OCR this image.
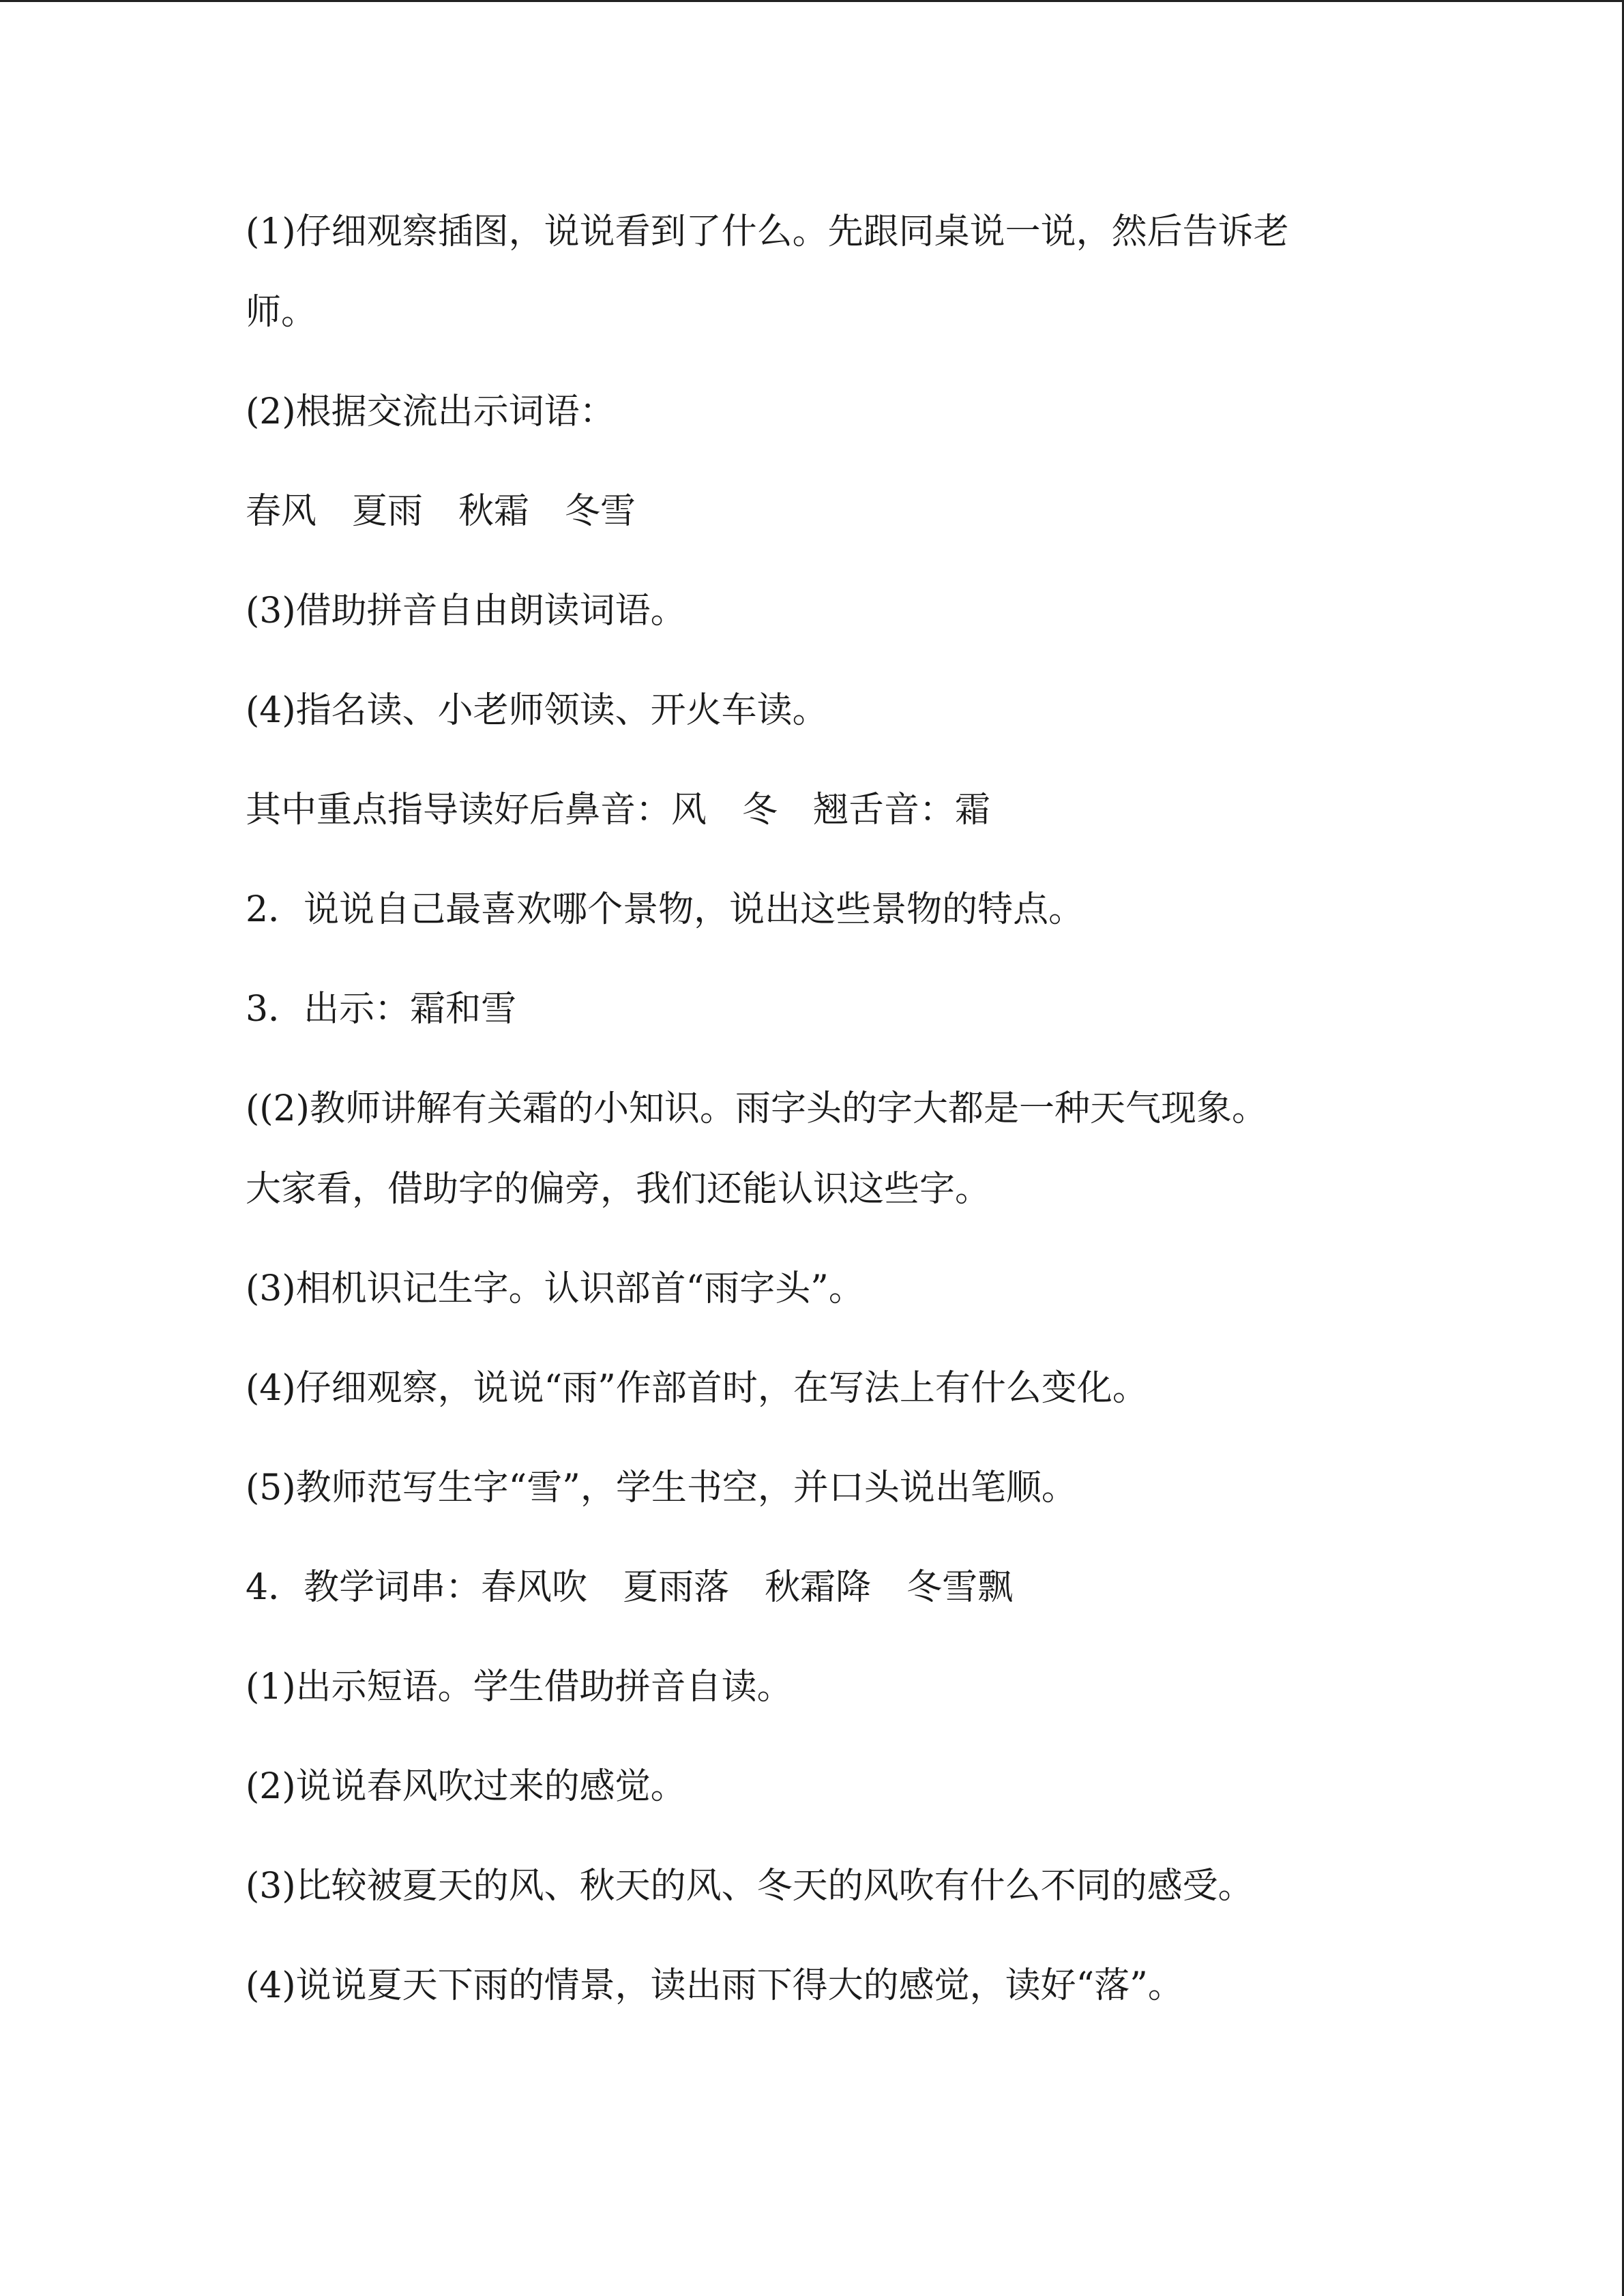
(1)仔细观察插图，说说看到了什么。先跟同桌说一说，然后告诉老
师。
(2)根据交流出示词语：
春风　夏雨　秋霜　冬雪
(3)借助拼音自由朗读词语。
(4)指名读、小老师领读、开火车读。
其中重点指导读好后鼻音：风　冬　翘舌音：霜
2．说说自己最喜欢哪个景物，说出这些景物的特点。
3．出示：霜和雪
((2)教师讲解有关霜的小知识。雨字头的字大都是一种天气现象。
大家看，借助字的偏旁，我们还能认识这些字。
(3)相机识记生字。认识部首“雨字头”。
(4)仔细观察，说说“雨”作部首时，在写法上有什么变化。
(5)教师范写生字“雪”，学生书空，并口头说出笔顺。
4．教学词串：春风吹　夏雨落　秋霜降　冬雪飘
(1)出示短语。学生借助拼音自读。
(2)说说春风吹过来的感觉。
(3)比较被夏天的风、秋天的风、冬天的风吹有什么不同的感受。
(4)说说夏天下雨的情景，读出雨下得大的感觉，读好“落”。
